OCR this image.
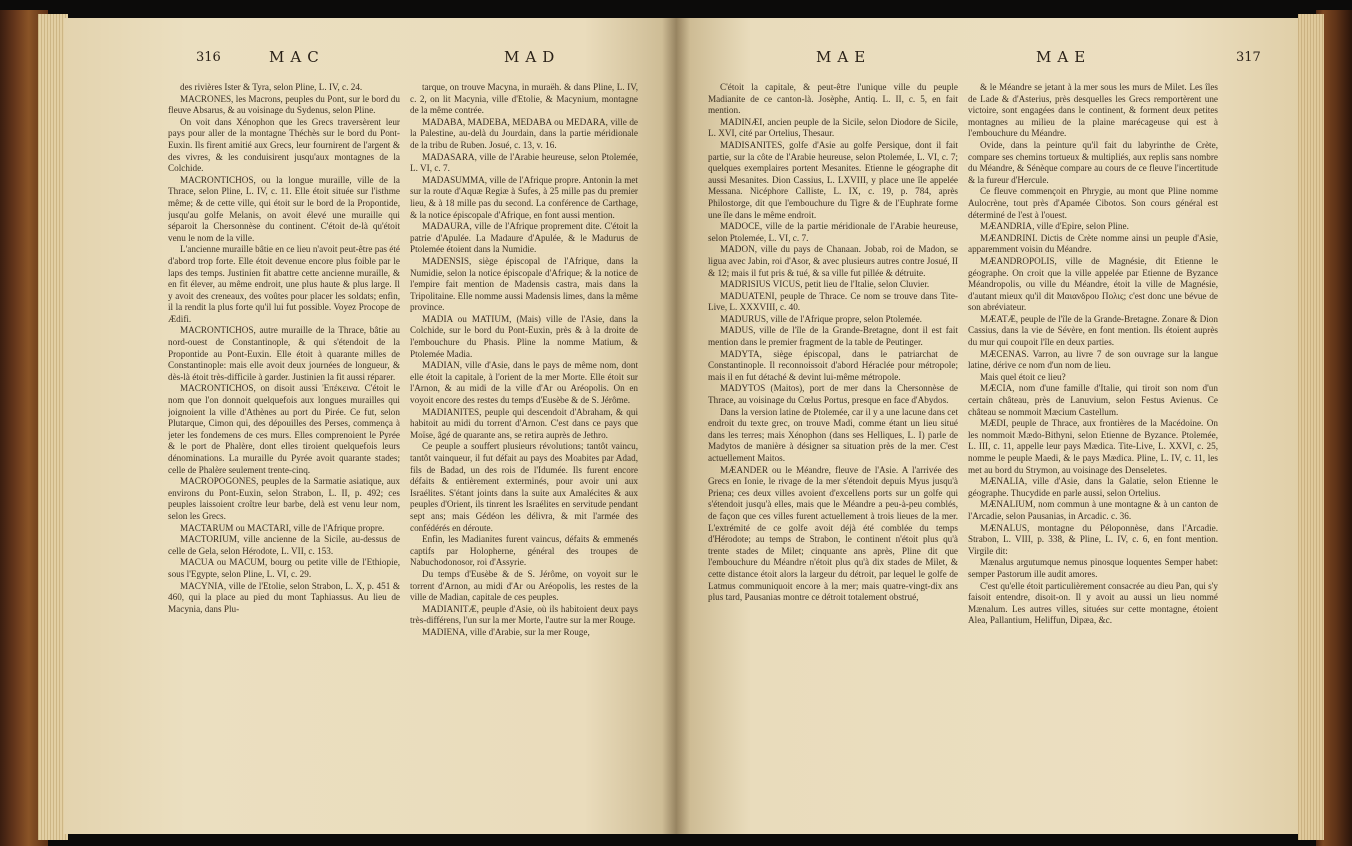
316	MAC	MAD

des rivières Ister & Tyra, selon Pline, L. IV, c. 24.

MACRONES, les Macrons, peuples du Pont, sur le bord du fleuve Absarus, & au voisinage du Sydenus, selon Pline.

On voit dans Xénophon que les Grecs traversèrent leur pays pour aller de la montagne Théchès sur le bord du Pont-Euxin. Ils firent amitié aux Grecs, leur fournirent de l'argent & des vivres, & les conduisirent jusqu'aux montagnes de la Colchide.

MACRONTICHOS, ou la longue muraille, ville de la Thrace, selon Pline, L. IV, c. 11. Elle étoit située sur l'isthme même; & de cette ville, qui étoit sur le bord de la Propontide, jusqu'au golfe Melanis, on avoit élevé une muraille qui séparoit la Chersonnèse du continent. C'étoit de-là qu'étoit venu le nom de la ville.

L'ancienne muraille bâtie en ce lieu n'avoit peut-être pas été d'abord trop forte. Elle étoit devenue encore plus foible par le laps des temps. Justinien fit abattre cette ancienne muraille, & en fit élever, au même endroit, une plus haute & plus large. Il y avoit des creneaux, des voûtes pour placer les soldats; enfin, il la rendit la plus forte qu'il lui fut possible. Voyez Procope de Ædifi.

MACRONTICHOS, autre muraille de la Thrace, bâtie au nord-ouest de Constantinople, & qui s'étendoit de la Propontide au Pont-Euxin. Elle étoit à quarante milles de Constantinople: mais elle avoit deux journées de longueur, & dès-là étoit très-difficile à garder. Justinien la fit aussi réparer.

MACRONTICHOS, on disoit aussi Ἐπέκεινα. C'étoit le nom que l'on donnoit quelquefois aux longues murailles qui joignoient la ville d'Athènes au port du Pirée. Ce fut, selon Plutarque, Cimon qui, des dépouilles des Perses, commença à jeter les fondemens de ces murs. Elles comprenoient le Pyrée & le port de Phalère, dont elles tiroient quelquefois leurs dénominations. La muraille du Pyrée avoit quarante stades; celle de Phalère seulement trente-cinq.

MACROPOGONES, peuples de la Sarmatie asiatique, aux environs du Pont-Euxin, selon Strabon, L. II, p. 492; ces peuples laissoient croître leur barbe, delà est venu leur nom, selon les Grecs.

MACTARUM ou MACTARI, ville de l'Afrique propre.

MACTORIUM, ville ancienne de la Sicile, au-dessus de celle de Gela, selon Hérodote, L. VII, c. 153.

MACUA ou MACUM, bourg ou petite ville de l'Ethiopie, sous l'Egypte, selon Pline, L. VI, c. 29.

MACYNIA, ville de l'Etolie, selon Strabon, L. X, p. 451 & 460, qui la place au pied du mont Taphiassus. Au lieu de Macynia, dans Plu-

tarque, on trouve Macyna, in muraëh. & dans Pline, L. IV, c. 2, on lit Macynia, ville d'Etolie, & Macynium, montagne de la même contrée.

MADABA, MADEBA, MEDABA ou MEDARA, ville de la Palestine, au-delà du Jourdain, dans la partie méridionale de la tribu de Ruben. Josué, c. 13, v. 16.

MADASARA, ville de l'Arabie heureuse, selon Ptolemée, L. VI, c. 7.

MADASUMMA, ville de l'Afrique propre. Antonin la met sur la route d'Aquæ Regiæ à Sufes, à 25 mille pas du premier lieu, & à 18 mille pas du second. La conférence de Carthage, & la notice épiscopale d'Afrique, en font aussi mention.

MADAURA, ville de l'Afrique proprement dite. C'étoit la patrie d'Apulée. La Madaure d'Apulée, & le Madurus de Ptolemée étoient dans la Numidie.

MADENSIS, siège épiscopal de l'Afrique, dans la Numidie, selon la notice épiscopale d'Afrique; & la notice de l'empire fait mention de Madensis castra, mais dans la Tripolitaine. Elle nomme aussi Madensis limes, dans la même province.

MADIA ou MATIUM, (Mais) ville de l'Asie, dans la Colchide, sur le bord du Pont-Euxin, près & à la droite de l'embouchure du Phasis. Pline la nomme Matium, & Ptolemée Madia.

MADIAN, ville d'Asie, dans le pays de même nom, dont elle étoit la capitale, à l'orient de la mer Morte. Elle étoit sur l'Arnon, & au midi de la ville d'Ar ou Aréopolis. On en voyoit encore des restes du temps d'Eusèbe & de S. Jérôme.

MADIANITES, peuple qui descendoit d'Abraham, & qui habitoit au midi du torrent d'Arnon. C'est dans ce pays que Moïse, âgé de quarante ans, se retira auprès de Jethro.

Ce peuple a souffert plusieurs révolutions; tantôt vaincu, tantôt vainqueur, il fut défait au pays des Moabites par Adad, fils de Badad, un des rois de l'Idumée. Ils furent encore défaits & entièrement exterminés, pour avoir uni aux Israélites. S'étant joints dans la suite aux Amalécites & aux peuples d'Orient, ils tinrent les Israélites en servitude pendant sept ans; mais Gédéon les délivra, & mit l'armée des confédérés en déroute.

Enfin, les Madianites furent vaincus, défaits & emmenés captifs par Holopherne, général des troupes de Nabuchodonosor, roi d'Assyrie.

Du temps d'Eusèbe & de S. Jérôme, on voyoit sur le torrent d'Arnon, au midi d'Ar ou Aréopolis, les restes de la ville de Madian, capitale de ces peuples.

MADIANITÆ, peuple d'Asie, où ils habitoient deux pays très-différens, l'un sur la mer Morte, l'autre sur la mer Rouge.

MADIENA, ville d'Arabie, sur la mer Rouge,

MAE	MAE	317

C'étoit la capitale, & peut-être l'unique ville du peuple Madianite de ce canton-là. Josèphe, Antiq. L. II, c. 5, en fait mention.

MADINÆI, ancien peuple de la Sicile, selon Diodore de Sicile, L. XVI, cité par Ortelius, Thesaur.

MADISANITES, golfe d'Asie au golfe Persique, dont il fait partie, sur la côte de l'Arabie heureuse, selon Ptolemée, L. VI, c. 7; quelques exemplaires portent Mesanites. Etienne le géographe dit aussi Mesanites. Dion Cassius, L. LXVIII, y place une île appelée Messana. Nicéphore Calliste, L. IX, c. 19, p. 784, après Philostorge, dit que l'embouchure du Tigre & de l'Euphrate forme une île dans le même endroit.

MADOCE, ville de la partie méridionale de l'Arabie heureuse, selon Ptolemée, L. VI, c. 7.

MADON, ville du pays de Chanaan. Jobab, roi de Madon, se ligua avec Jabin, roi d'Asor, & avec plusieurs autres contre Josué, II & 12; mais il fut pris & tué, & sa ville fut pillée & détruite.

MADRISIUS VICUS, petit lieu de l'Italie, selon Cluvier.

MADUATENI, peuple de Thrace. Ce nom se trouve dans Tite-Live, L. XXXVIII, c. 40.

MADURUS, ville de l'Afrique propre, selon Ptolemée.

MADUS, ville de l'île de la Grande-Bretagne, dont il est fait mention dans le premier fragment de la table de Peutinger.

MADYTA, siège épiscopal, dans le patriarchat de Constantinople. Il reconnoissoit d'abord Héraclée pour métropole; mais il en fut détaché & devint lui-même métropole.

MADYTOS (Maitos), port de mer dans la Chersonnèse de Thrace, au voisinage du Cœlus Portus, presque en face d'Abydos.

Dans la version latine de Ptolemée, car il y a une lacune dans cet endroit du texte grec, on trouve Madi, comme étant un lieu situé dans les terres; mais Xénophon (dans ses Helliques, L. I) parle de Madytos de manière à désigner sa situation près de la mer. C'est actuellement Maitos.

MÆANDER ou le Méandre, fleuve de l'Asie. A l'arrivée des Grecs en Ionie, le rivage de la mer s'étendoit depuis Myus jusqu'à Priena; ces deux villes avoient d'excellens ports sur un golfe qui s'étendoit jusqu'à elles, mais que le Méandre a peu-à-peu comblés, de façon que ces villes furent actuellement à trois lieues de la mer. L'extrémité de ce golfe avoit déjà été comblée du temps d'Hérodote; au temps de Strabon, le continent n'étoit plus qu'à trente stades de Milet; cinquante ans après, Pline dit que l'embouchure du Méandre n'étoit plus qu'à dix stades de Milet, & cette distance étoit alors la largeur du détroit, par lequel le golfe de Latmus communiquoit encore à la mer; mais quatre-vingt-dix ans plus tard, Pausanias montre ce détroit totalement obstrué,

& le Méandre se jetant à la mer sous les murs de Milet. Les îles de Lade & d'Asterius, près desquelles les Grecs remportèrent une victoire, sont engagées dans le continent, & forment deux petites montagnes au milieu de la plaine marécageuse qui est à l'embouchure du Méandre.

Ovide, dans la peinture qu'il fait du labyrinthe de Crète, compare ses chemins tortueux & multipliés, aux replis sans nombre du Méandre, & Sénèque compare au cours de ce fleuve l'incertitude & la fureur d'Hercule.

Ce fleuve commençoit en Phrygie, au mont que Pline nomme Aulocrène, tout près d'Apamée Cibotos. Son cours général est déterminé de l'est à l'ouest.

MÆANDRIA, ville d'Epire, selon Pline.

MÆANDRINI. Dictis de Crète nomme ainsi un peuple d'Asie, apparemment voisin du Méandre.

MÆANDROPOLIS, ville de Magnésie, dit Etienne le géographe. On croit que la ville appelée par Etienne de Byzance Méandropolis, ou ville du Méandre, étoit la ville de Magnésie, d'autant mieux qu'il dit Μαιανδρου Πολις; c'est donc une bévue de son abréviateur.

MÆATÆ, peuple de l'île de la Grande-Bretagne. Zonare & Dion Cassius, dans la vie de Sévère, en font mention. Ils étoient auprès du mur qui coupoit l'île en deux parties.

MÆCENAS. Varron, au livre 7 de son ouvrage sur la langue latine, dérive ce nom d'un nom de lieu.

Mais quel étoit ce lieu?

MÆCIA, nom d'une famille d'Italie, qui tiroit son nom d'un certain château, près de Lanuvium, selon Festus Avienus. Ce château se nommoit Mæcium Castellum.

MÆDI, peuple de Thrace, aux frontières de la Macédoine. On les nommoit Mædo-Bithyni, selon Etienne de Byzance. Ptolemée, L. III, c. 11, appelle leur pays Mædica. Tite-Live, L. XXVI, c. 25, nomme le peuple Maedi, & le pays Mædica. Pline, L. IV, c. 11, les met au bord du Strymon, au voisinage des Denseletes.

MÆNALIA, ville d'Asie, dans la Galatie, selon Etienne le géographe. Thucydide en parle aussi, selon Ortelius.

MÆNALIUM, nom commun à une montagne & à un canton de l'Arcadie, selon Pausanias, in Arcadic. c. 36.

MÆNALUS, montagne du Péloponnèse, dans l'Arcadie. Strabon, L. VIII, p. 338, & Pline, L. IV, c. 6, en font mention. Virgile dit:

Mænalus argutumque nemus pinosque loquentes Semper habet: semper Pastorum ille audit amores.

C'est qu'elle étoit particulièrement consacrée au dieu Pan, qui s'y faisoit entendre, disoit-on. Il y avoit au aussi un lieu nommé Mænalum. Les autres villes, situées sur cette montagne, étoient Alea, Pallantium, Heliffun, Dipæa, &c.
